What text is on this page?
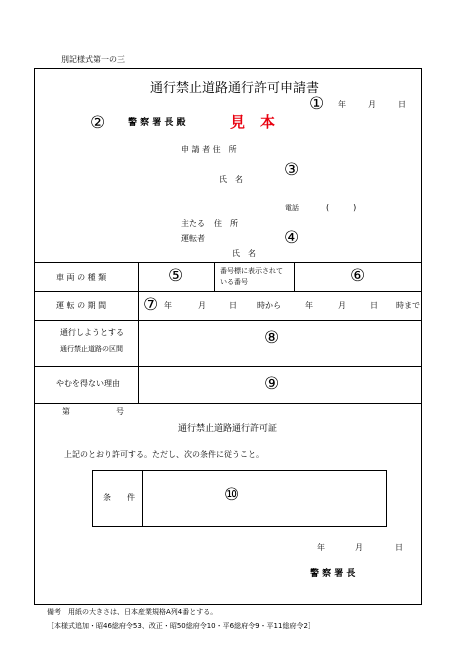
別記様式第一の三
通行禁止道路通行許可申請書
① 年	月	日
②	警 察 署 長 殿	見　本
申 請 者 住　所
③
氏　名
電話	(　　　)
主たる
運転者
住　所
④
氏　名
車 両 の 種 類	⑤	番号標に表示されて
いる番号	⑥
運 転 の 期 間 ⑦ 年	月	日	時から	年	月	日 時まで
通行しようとする
通行禁止道路の区間
⑧
やむを得ない理由	⑨
第	号
通行禁止道路通行許可証
上記のとおり許可する。ただし、次の条件に従うこと。
条　　件	⑩
年	月	日
警 察 署 長
備考　用紙の大きさは、日本産業規格A列4番とする。
［本様式追加・昭46総府令53、改正・昭50総府令10・平6総府令9・平11総府令2］
